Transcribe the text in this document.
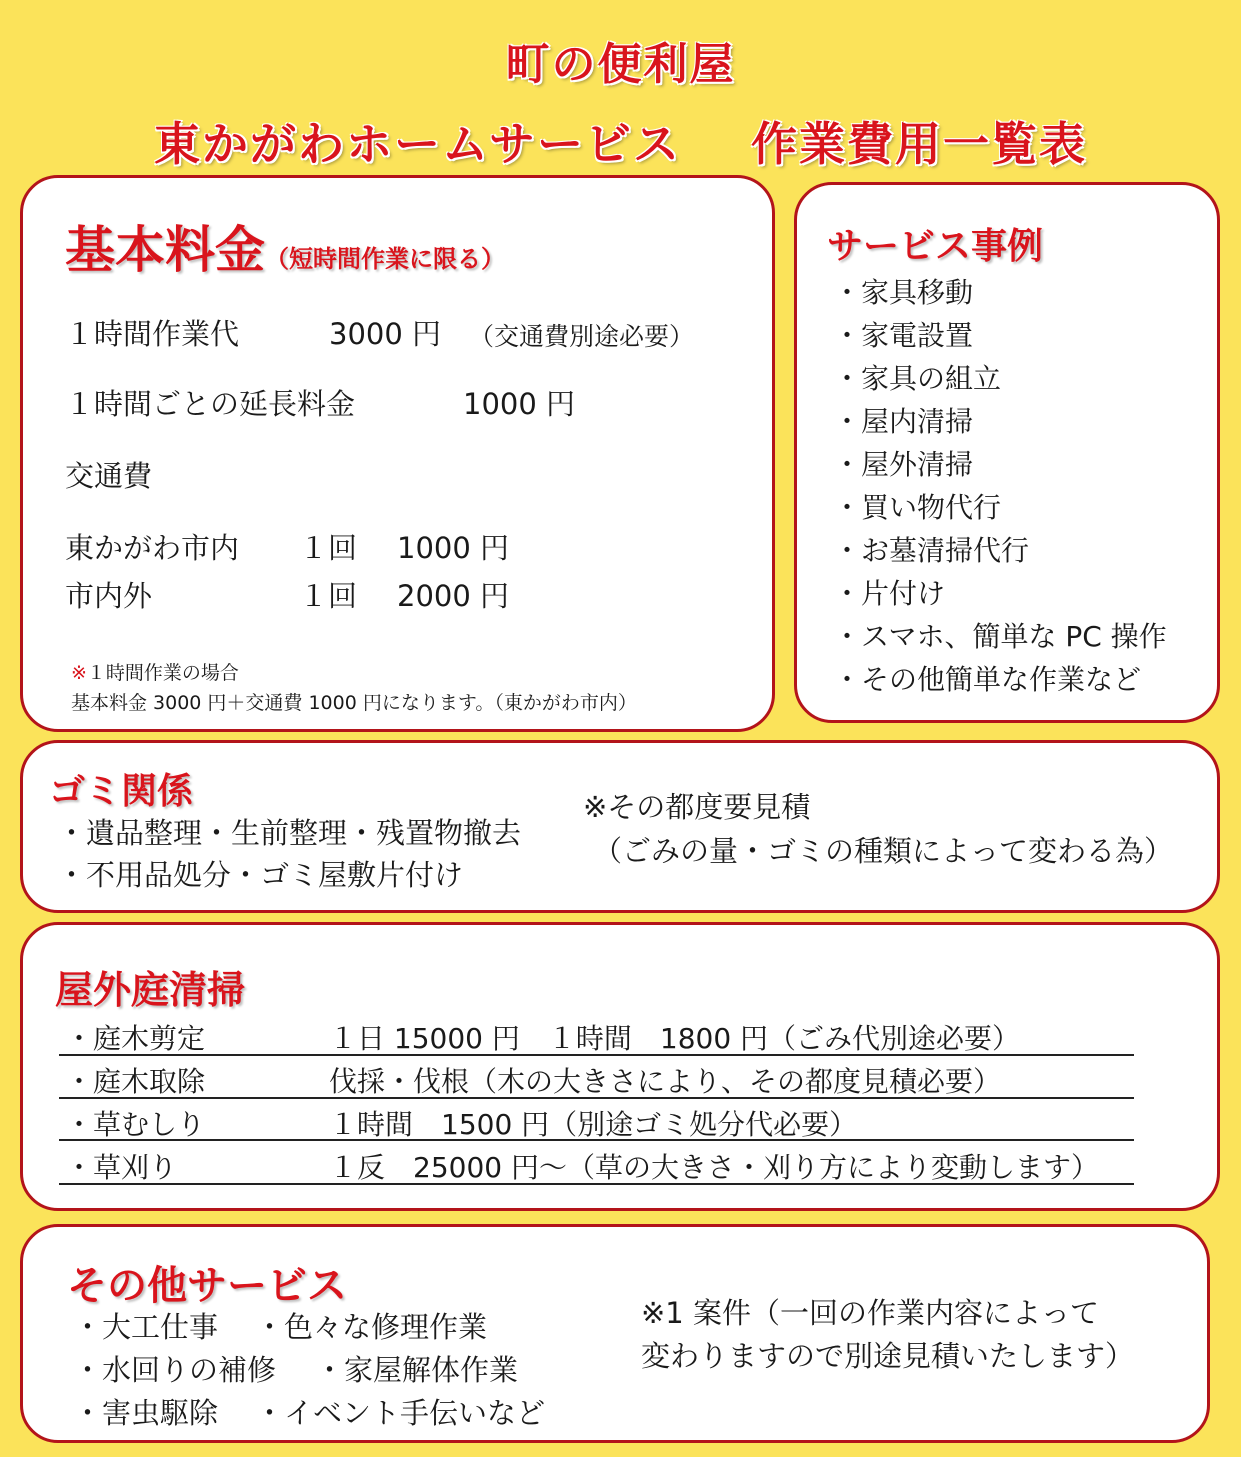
町の便利屋
東かがわホームサービス 作業費用一覧表
基本料金（短時間作業に限る）
１時間作業代	3000 円 （交通費別途必要）
１時間ごとの延長料金	1000 円
交通費
東かがわ市内 １回 1000 円
市内外	１回 2000 円
※１時間作業の場合
基本料金 3000 円＋交通費 1000 円になります。（東かがわ市内）
サービス事例
・家具移動
・家電設置
・家具の組立
・屋内清掃
・屋外清掃
・買い物代行
・お墓清掃代行
・片付け
・スマホ、簡単な PC 操作
・その他簡単な作業など
ゴミ関係
・遺品整理・生前整理・残置物撤去
・不用品処分・ゴミ屋敷片付け
※その都度要見積
（ごみの量・ゴミの種類によって変わる為）
屋外庭清掃
・庭木剪定	１日 15000 円　１時間　1800 円（ごみ代別途必要）
・庭木取除	伐採・伐根（木の大きさにより、その都度見積必要）
・草むしり	１時間　1500 円（別途ゴミ処分代必要）
・草刈り	１反　25000 円～（草の大きさ・刈り方により変動します）
その他サービス
・大工仕事 ・色々な修理作業
・水回りの補修 ・家屋解体作業
・害虫駆除 ・イベント手伝いなど
※1 案件（一回の作業内容によって
変わりますので別途見積いたします）
